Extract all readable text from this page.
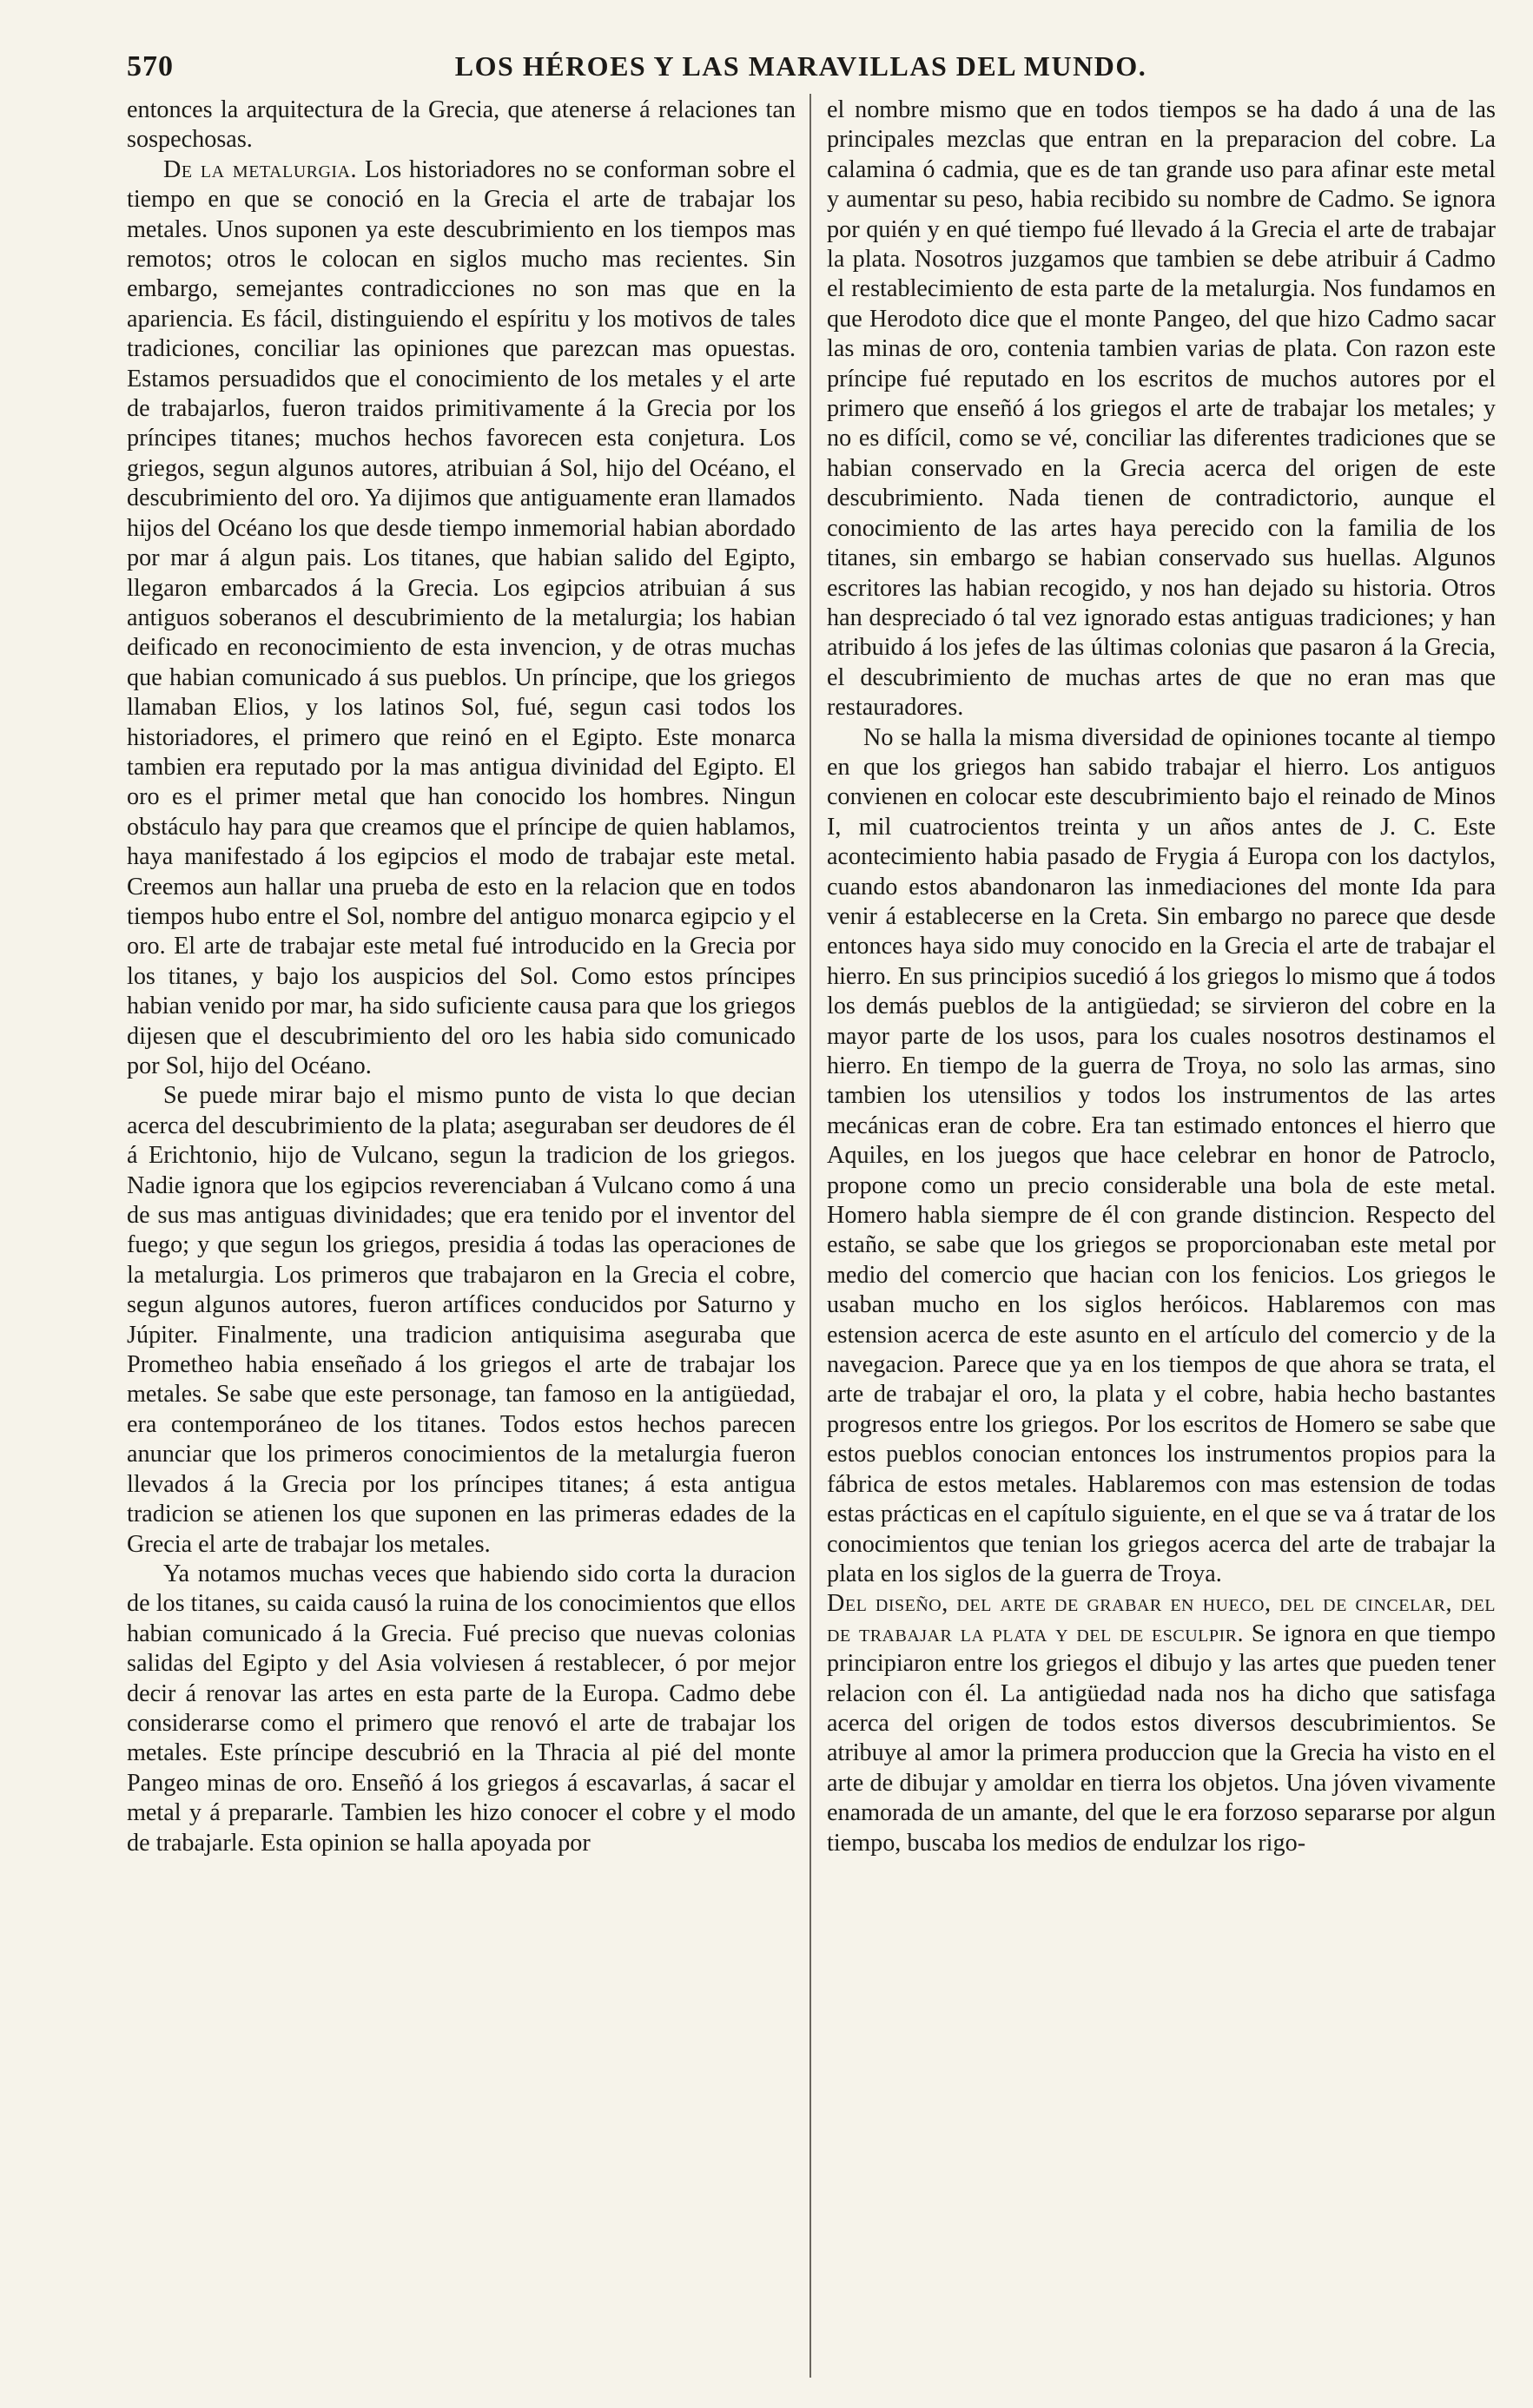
570	LOS HÉROES Y LAS MARAVILLAS DEL MUNDO.

entonces la arquitectura de la Grecia, que atenerse á relaciones tan sospechosas.

De la metalurgia. Los historiadores no se conforman sobre el tiempo en que se conoció en la Grecia el arte de trabajar los metales. Unos suponen ya este descubrimiento en los tiempos mas remotos; otros le colocan en siglos mucho mas recientes. Sin embargo, semejantes contradicciones no son mas que en la apariencia. Es fácil, distinguiendo el espíritu y los motivos de tales tradiciones, conciliar las opiniones que parezcan mas opuestas. Estamos persuadidos que el conocimiento de los metales y el arte de trabajarlos, fueron traidos primitivamente á la Grecia por los príncipes titanes; muchos hechos favorecen esta conjetura. Los griegos, segun algunos autores, atribuian á Sol, hijo del Océano, el descubrimiento del oro. Ya dijimos que antiguamente eran llamados hijos del Océano los que desde tiempo inmemorial habian abordado por mar á algun pais. Los titanes, que habian salido del Egipto, llegaron embarcados á la Grecia. Los egipcios atribuian á sus antiguos soberanos el descubrimiento de la metalurgia; los habian deificado en reconocimiento de esta invencion, y de otras muchas que habian comunicado á sus pueblos. Un príncipe, que los griegos llamaban Elios, y los latinos Sol, fué, segun casi todos los historiadores, el primero que reinó en el Egipto. Este monarca tambien era reputado por la mas antigua divinidad del Egipto. El oro es el primer metal que han conocido los hombres. Ningun obstáculo hay para que creamos que el príncipe de quien hablamos, haya manifestado á los egipcios el modo de trabajar este metal. Creemos aun hallar una prueba de esto en la relacion que en todos tiempos hubo entre el Sol, nombre del antiguo monarca egipcio y el oro. El arte de trabajar este metal fué introducido en la Grecia por los titanes, y bajo los auspicios del Sol. Como estos príncipes habian venido por mar, ha sido suficiente causa para que los griegos dijesen que el descubrimiento del oro les habia sido comunicado por Sol, hijo del Océano.

Se puede mirar bajo el mismo punto de vista lo que decian acerca del descubrimiento de la plata; aseguraban ser deudores de él á Erichtonio, hijo de Vulcano, segun la tradicion de los griegos. Nadie ignora que los egipcios reverenciaban á Vulcano como á una de sus mas antiguas divinidades; que era tenido por el inventor del fuego; y que segun los griegos, presidia á todas las operaciones de la metalurgia. Los primeros que trabajaron en la Grecia el cobre, segun algunos autores, fueron artífices conducidos por Saturno y Júpiter. Finalmente, una tradicion antiquisima aseguraba que Prometheo habia enseñado á los griegos el arte de trabajar los metales. Se sabe que este personage, tan famoso en la antigüedad, era contemporáneo de los titanes. Todos estos hechos parecen anunciar que los primeros conocimientos de la metalurgia fueron llevados á la Grecia por los príncipes titanes; á esta antigua tradicion se atienen los que suponen en las primeras edades de la Grecia el arte de trabajar los metales.

Ya notamos muchas veces que habiendo sido corta la duracion de los titanes, su caida causó la ruina de los conocimientos que ellos habian comunicado á la Grecia. Fué preciso que nuevas colonias salidas del Egipto y del Asia volviesen á restablecer, ó por mejor decir á renovar las artes en esta parte de la Europa. Cadmo debe considerarse como el primero que renovó el arte de trabajar los metales. Este príncipe descubrió en la Thracia al pié del monte Pangeo minas de oro. Enseñó á los griegos á escavarlas, á sacar el metal y á prepararle. Tambien les hizo conocer el cobre y el modo de trabajarle. Esta opinion se halla apoyada por

el nombre mismo que en todos tiempos se ha dado á una de las principales mezclas que entran en la preparacion del cobre. La calamina ó cadmia, que es de tan grande uso para afinar este metal y aumentar su peso, habia recibido su nombre de Cadmo. Se ignora por quién y en qué tiempo fué llevado á la Grecia el arte de trabajar la plata. Nosotros juzgamos que tambien se debe atribuir á Cadmo el restablecimiento de esta parte de la metalurgia. Nos fundamos en que Herodoto dice que el monte Pangeo, del que hizo Cadmo sacar las minas de oro, contenia tambien varias de plata. Con razon este príncipe fué reputado en los escritos de muchos autores por el primero que enseñó á los griegos el arte de trabajar los metales; y no es difícil, como se vé, conciliar las diferentes tradiciones que se habian conservado en la Grecia acerca del origen de este descubrimiento. Nada tienen de contradictorio, aunque el conocimiento de las artes haya perecido con la familia de los titanes, sin embargo se habian conservado sus huellas. Algunos escritores las habian recogido, y nos han dejado su historia. Otros han despreciado ó tal vez ignorado estas antiguas tradiciones; y han atribuido á los jefes de las últimas colonias que pasaron á la Grecia, el descubrimiento de muchas artes de que no eran mas que restauradores.

No se halla la misma diversidad de opiniones tocante al tiempo en que los griegos han sabido trabajar el hierro. Los antiguos convienen en colocar este descubrimiento bajo el reinado de Minos I, mil cuatrocientos treinta y un años antes de J. C. Este acontecimiento habia pasado de Frygia á Europa con los dactylos, cuando estos abandonaron las inmediaciones del monte Ida para venir á establecerse en la Creta. Sin embargo no parece que desde entonces haya sido muy conocido en la Grecia el arte de trabajar el hierro. En sus principios sucedió á los griegos lo mismo que á todos los demás pueblos de la antigüedad; se sirvieron del cobre en la mayor parte de los usos, para los cuales nosotros destinamos el hierro. En tiempo de la guerra de Troya, no solo las armas, sino tambien los utensilios y todos los instrumentos de las artes mecánicas eran de cobre. Era tan estimado entonces el hierro que Aquiles, en los juegos que hace celebrar en honor de Patroclo, propone como un precio considerable una bola de este metal. Homero habla siempre de él con grande distincion. Respecto del estaño, se sabe que los griegos se proporcionaban este metal por medio del comercio que hacian con los fenicios. Los griegos le usaban mucho en los siglos heróicos. Hablaremos con mas estension acerca de este asunto en el artículo del comercio y de la navegacion. Parece que ya en los tiempos de que ahora se trata, el arte de trabajar el oro, la plata y el cobre, habia hecho bastantes progresos entre los griegos. Por los escritos de Homero se sabe que estos pueblos conocian entonces los instrumentos propios para la fábrica de estos metales. Hablaremos con mas estension de todas estas prácticas en el capítulo siguiente, en el que se va á tratar de los conocimientos que tenian los griegos acerca del arte de trabajar la plata en los siglos de la guerra de Troya.

Del diseño, del arte de grabar en hueco, del de cincelar, del de trabajar la plata y del de esculpir. Se ignora en que tiempo principiaron entre los griegos el dibujo y las artes que pueden tener relacion con él. La antigüedad nada nos ha dicho que satisfaga acerca del origen de todos estos diversos descubrimientos. Se atribuye al amor la primera produccion que la Grecia ha visto en el arte de dibujar y amoldar en tierra los objetos. Una jóven vivamente enamorada de un amante, del que le era forzoso separarse por algun tiempo, buscaba los medios de endulzar los rigo-
